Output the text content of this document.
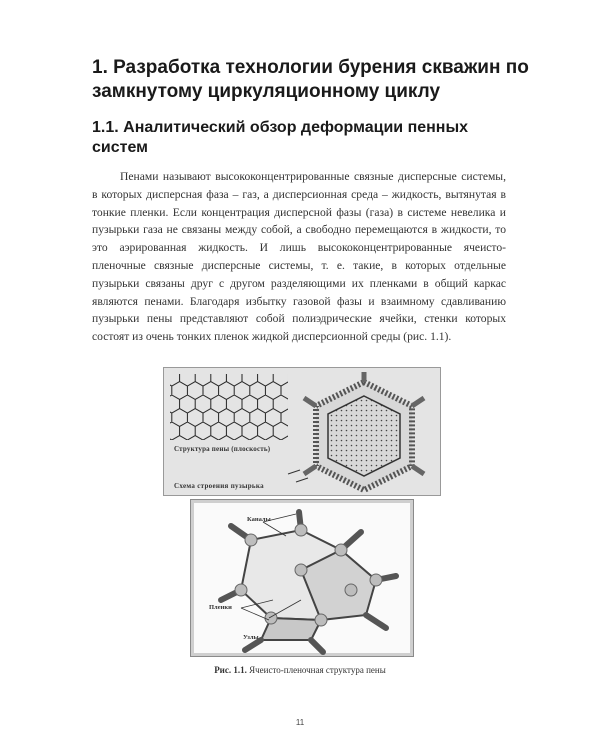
1. Разработка технологии бурения скважин по замкнутому циркуляционному циклу
1.1. Аналитический обзор деформации пенных систем

Пенами называют высококонцентрированные связные дисперсные системы, в которых дисперсная фаза – газ, а дисперсионная среда – жидкость, вытянутая в тонкие пленки. Если концентрация дисперсной фазы (газа) в системе невелика и пузырьки газа не связаны между собой, а свободно перемещаются в жидкости, то это аэрированная жидкость. И лишь высококонцентрированные ячеисто-пленочные связные дисперсные системы, т. е. такие, в которых отдельные пузырьки связаны друг с другом разделяющими их пленками в общий каркас являются пенами. Благодаря избытку газовой фазы и взаимному сдавливанию пузырьки пены представляют собой полиэдрические ячейки, стенки которых состоят из очень тонких пленок жидкой дисперсионной среды (рис. 1.1).

Структура пены (плоскость)
Схема строения пузырька
Каналы
Пленки
Узлы
Рис. 1.1. Ячеисто-пленочная структура пены
11
